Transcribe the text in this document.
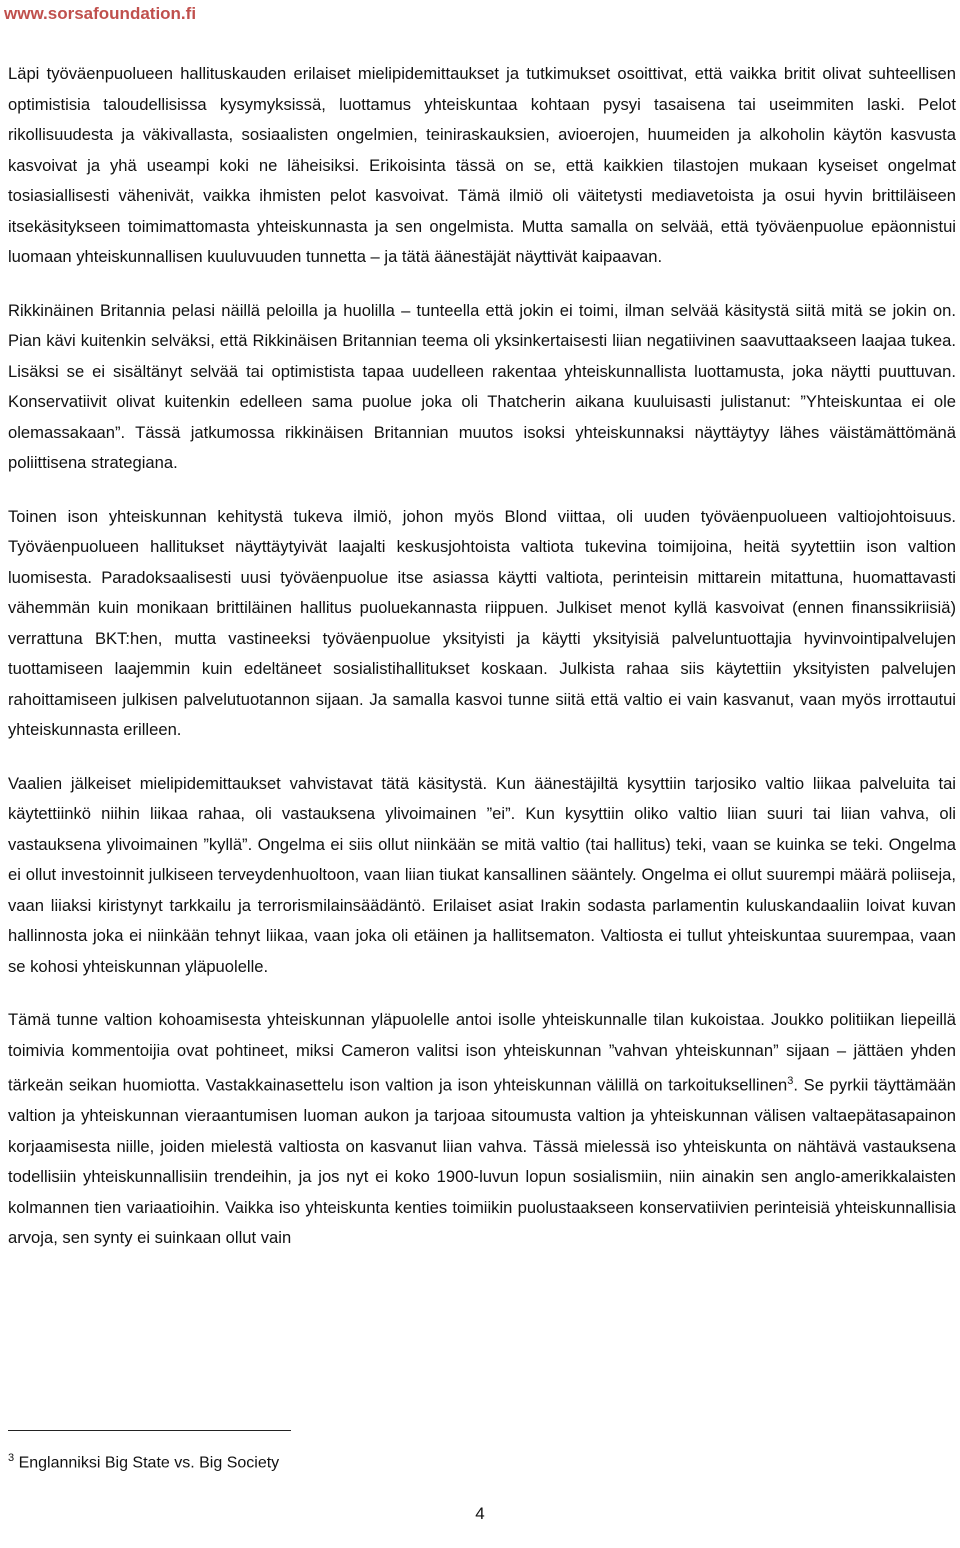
www.sorsafoundation.fi

Läpi työväenpuolueen hallituskauden erilaiset mielipidemittaukset ja tutkimukset osoittivat, että vaikka britit olivat suhteellisen optimistisia taloudellisissa kysymyksissä, luottamus yhteiskuntaa kohtaan pysyi tasaisena tai useimmiten laski. Pelot rikollisuudesta ja väkivallasta, sosiaalisten ongelmien, teiniraskauksien, avioerojen, huumeiden ja alkoholin käytön kasvusta kasvoivat ja yhä useampi koki ne läheisiksi. Erikoisinta tässä on se, että kaikkien tilastojen mukaan kyseiset ongelmat tosiasiallisesti vähenivät, vaikka ihmisten pelot kasvoivat. Tämä ilmiö oli väitetysti mediavetoista ja osui hyvin brittiläiseen itsekäsitykseen toimimattomasta yhteiskunnasta ja sen ongelmista. Mutta samalla on selvää, että työväenpuolue epäonnistui luomaan yhteiskunnallisen kuuluvuuden tunnetta – ja tätä äänestäjät näyttivät kaipaavan.

Rikkinäinen Britannia pelasi näillä peloilla ja huolilla – tunteella että jokin ei toimi, ilman selvää käsitystä siitä mitä se jokin on. Pian kävi kuitenkin selväksi, että Rikkinäisen Britannian teema oli yksinkertaisesti liian negatiivinen saavuttaakseen laajaa tukea. Lisäksi se ei sisältänyt selvää tai optimistista tapaa uudelleen rakentaa yhteiskunnallista luottamusta, joka näytti puuttuvan. Konservatiivit olivat kuitenkin edelleen sama puolue joka oli Thatcherin aikana kuuluisasti julistanut: ”Yhteiskuntaa ei ole olemassakaan”. Tässä jatkumossa rikkinäisen Britannian muutos isoksi yhteiskunnaksi näyttäytyy lähes väistämättömänä poliittisena strategiana.

Toinen ison yhteiskunnan kehitystä tukeva ilmiö, johon myös Blond viittaa, oli uuden työväenpuolueen valtiojohtoisuus. Työväenpuolueen hallitukset näyttäytyivät laajalti keskusjohtoista valtiota tukevina toimijoina, heitä syytettiin ison valtion luomisesta. Paradoksaalisesti uusi työväenpuolue itse asiassa käytti valtiota, perinteisin mittarein mitattuna, huomattavasti vähemmän kuin monikaan brittiläinen hallitus puoluekannasta riippuen. Julkiset menot kyllä kasvoivat (ennen finanssikriisiä) verrattuna BKT:hen, mutta vastineeksi työväenpuolue yksityisti ja käytti yksityisiä palveluntuottajia hyvinvointipalvelujen tuottamiseen laajemmin kuin edeltäneet sosialistihallitukset koskaan. Julkista rahaa siis käytettiin yksityisten palvelujen rahoittamiseen julkisen palvelutuotannon sijaan. Ja samalla kasvoi tunne siitä että valtio ei vain kasvanut, vaan myös irrottautui yhteiskunnasta erilleen.

Vaalien jälkeiset mielipidemittaukset vahvistavat tätä käsitystä. Kun äänestäjiltä kysyttiin tarjosiko valtio liikaa palveluita tai käytettiinkö niihin liikaa rahaa, oli vastauksena ylivoimainen ”ei”. Kun kysyttiin oliko valtio liian suuri tai liian vahva, oli vastauksena ylivoimainen ”kyllä”. Ongelma ei siis ollut niinkään se mitä valtio (tai hallitus) teki, vaan se kuinka se teki. Ongelma ei ollut investoinnit julkiseen terveydenhuoltoon, vaan liian tiukat kansallinen sääntely. Ongelma ei ollut suurempi määrä poliiseja, vaan liiaksi kiristynyt tarkkailu ja terrorismilainsäädäntö. Erilaiset asiat Irakin sodasta parlamentin kuluskandaaliin loivat kuvan hallinnosta joka ei niinkään tehnyt liikaa, vaan joka oli etäinen ja hallitsematon. Valtiosta ei tullut yhteiskuntaa suurempaa, vaan se kohosi yhteiskunnan yläpuolelle.

Tämä tunne valtion kohoamisesta yhteiskunnan yläpuolelle antoi isolle yhteiskunnalle tilan kukoistaa. Joukko politiikan liepeillä toimivia kommentoijia ovat pohtineet, miksi Cameron valitsi ison yhteiskunnan ”vahvan yhteiskunnan” sijaan – jättäen yhden tärkeän seikan huomiotta. Vastakkainasettelu ison valtion ja ison yhteiskunnan välillä on tarkoituksellinen$^3$. Se pyrkii täyttämään valtion ja yhteiskunnan vieraantumisen luoman aukon ja tarjoaa sitoumusta valtion ja yhteiskunnan välisen valtaepätasapainon korjaamisesta niille, joiden mielestä valtiosta on kasvanut liian vahva. Tässä mielessä iso yhteiskunta on nähtävä vastauksena todellisiin yhteiskunnallisiin trendeihin, ja jos nyt ei koko 1900-luvun lopun sosialismiin, niin ainakin sen anglo-amerikkalaisten kolmannen tien variaatioihin. Vaikka iso yhteiskunta kenties toimiikin puolustaakseen konservatiivien perinteisiä yhteiskunnallisia arvoja, sen synty ei suinkaan ollut vain

$^3$ Englanniksi Big State vs. Big Society
4
